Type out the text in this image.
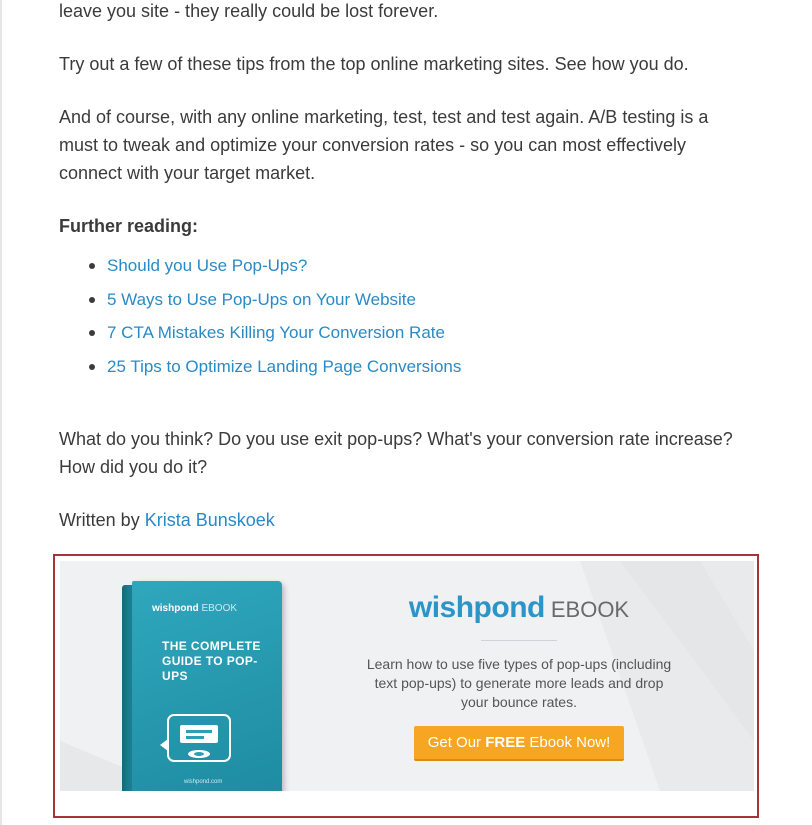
leave you site - they really could be lost forever.

Try out a few of these tips from the top online marketing sites. See how you do.

And of course, with any online marketing, test, test and test again. A/B testing is a must to tweak and optimize your conversion rates - so you can most effectively connect with your target market.

Further reading:
Should you Use Pop-Ups?
5 Ways to Use Pop-Ups on Your Website
7 CTA Mistakes Killing Your Conversion Rate
25 Tips to Optimize Landing Page Conversions

What do you think? Do you use exit pop-ups? What's your conversion rate increase? How did you do it?

Written by Krista Bunskoek

wishpond EBOOK
THE COMPLETE GUIDE TO POP-UPS
wishpond.com
wishpond EBOOK
Learn how to use five types of pop-ups (including text pop-ups) to generate more leads and drop your bounce rates.
Get Our FREE Ebook Now!
